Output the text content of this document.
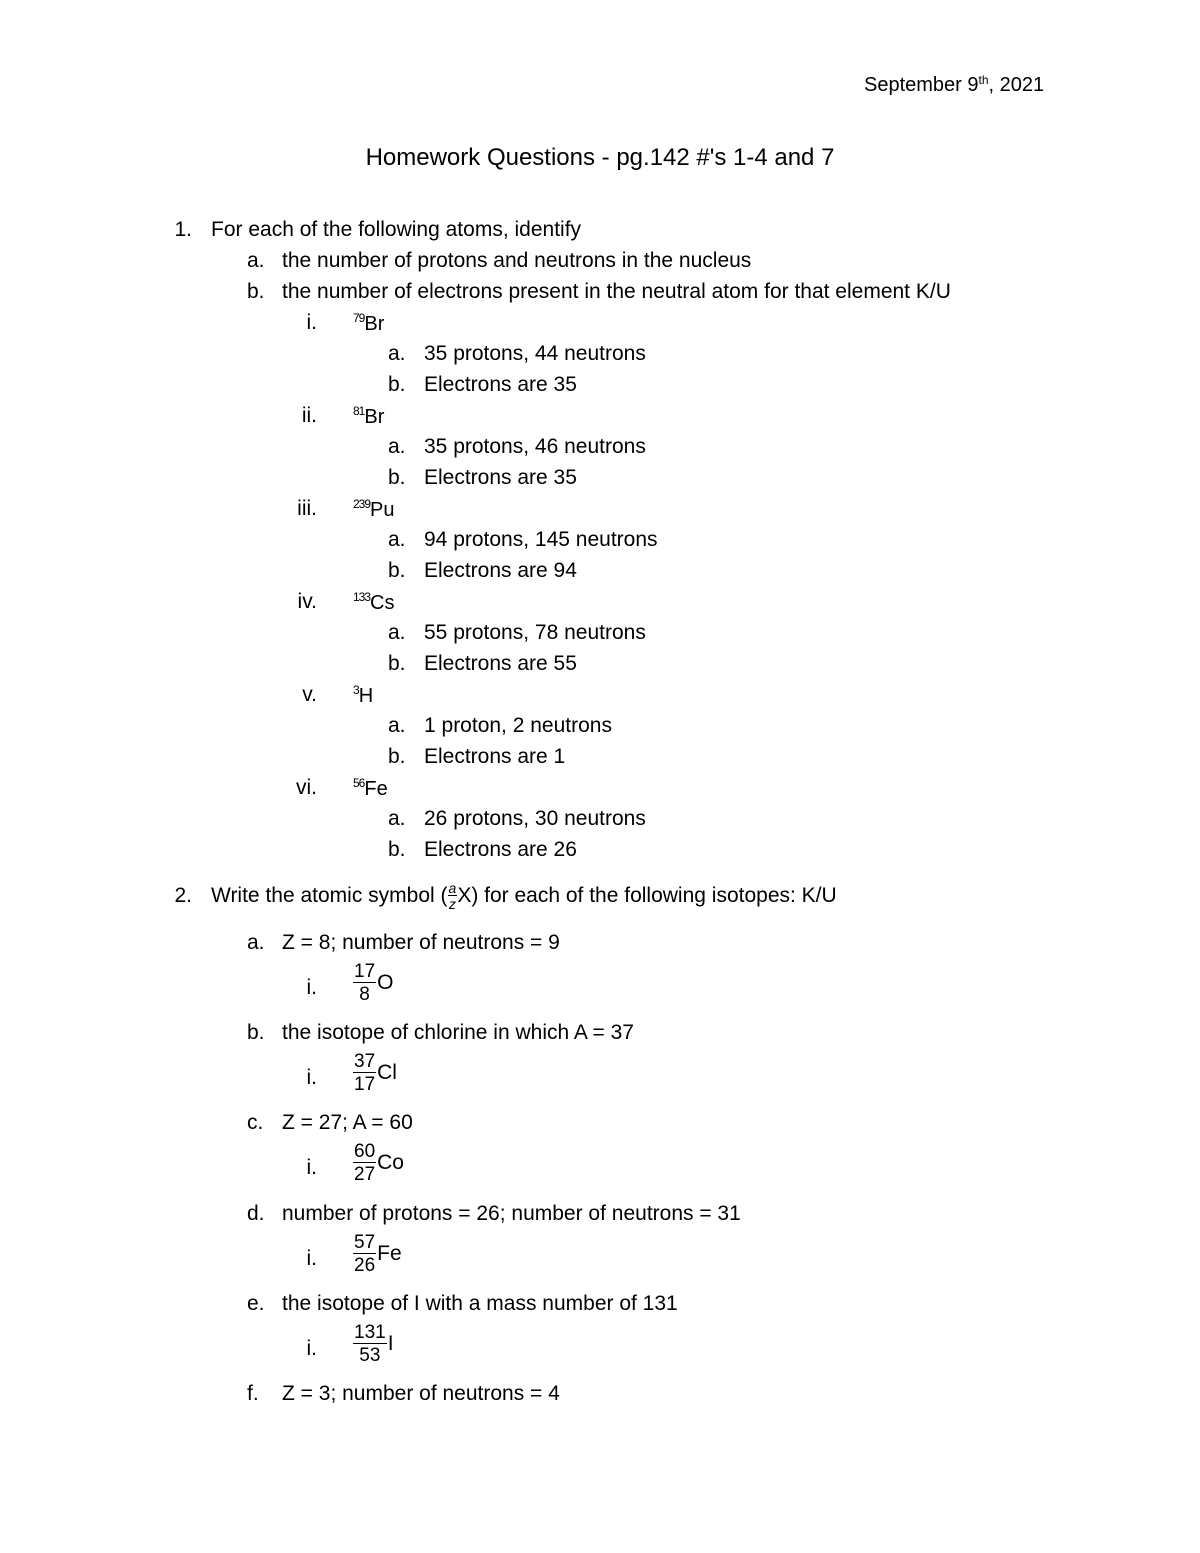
September 9th, 2021
Homework Questions - pg.142 #'s 1-4 and 7
1. For each of the following atoms, identify
a. the number of protons and neutrons in the nucleus
b. the number of electrons present in the neutral atom for that element K/U
i.	$^{79}$Br
a. 35 protons, 44 neutrons
b. Electrons are 35
ii.	$^{81}$Br
a. 35 protons, 46 neutrons
b. Electrons are 35
iii.	$^{239}$Pu
a. 94 protons, 145 neutrons
b. Electrons are 94
iv.	$^{133}$Cs
a. 55 protons, 78 neutrons
b. Electrons are 55
v.	$^3$H
a. 1 proton, 2 neutrons
b. Electrons are 1
vi.	$^{56}$Fe
a. 26 protons, 30 neutrons
b. Electrons are 26
2. Write the atomic symbol ( a
z X ) for each of the following isotopes: K/U
a. Z = 8; number of neutrons = 9
i.
17
8
O
b. the isotope of chlorine in which A = 37
i.
37
17
Cl
c. Z = 27; A = 60
i.
60
27
Co
d. number of protons = 26; number of neutrons = 31
i.
57
26
Fe
e. the isotope of I with a mass number of 131
i.
131
53
I
f. Z = 3; number of neutrons = 4
